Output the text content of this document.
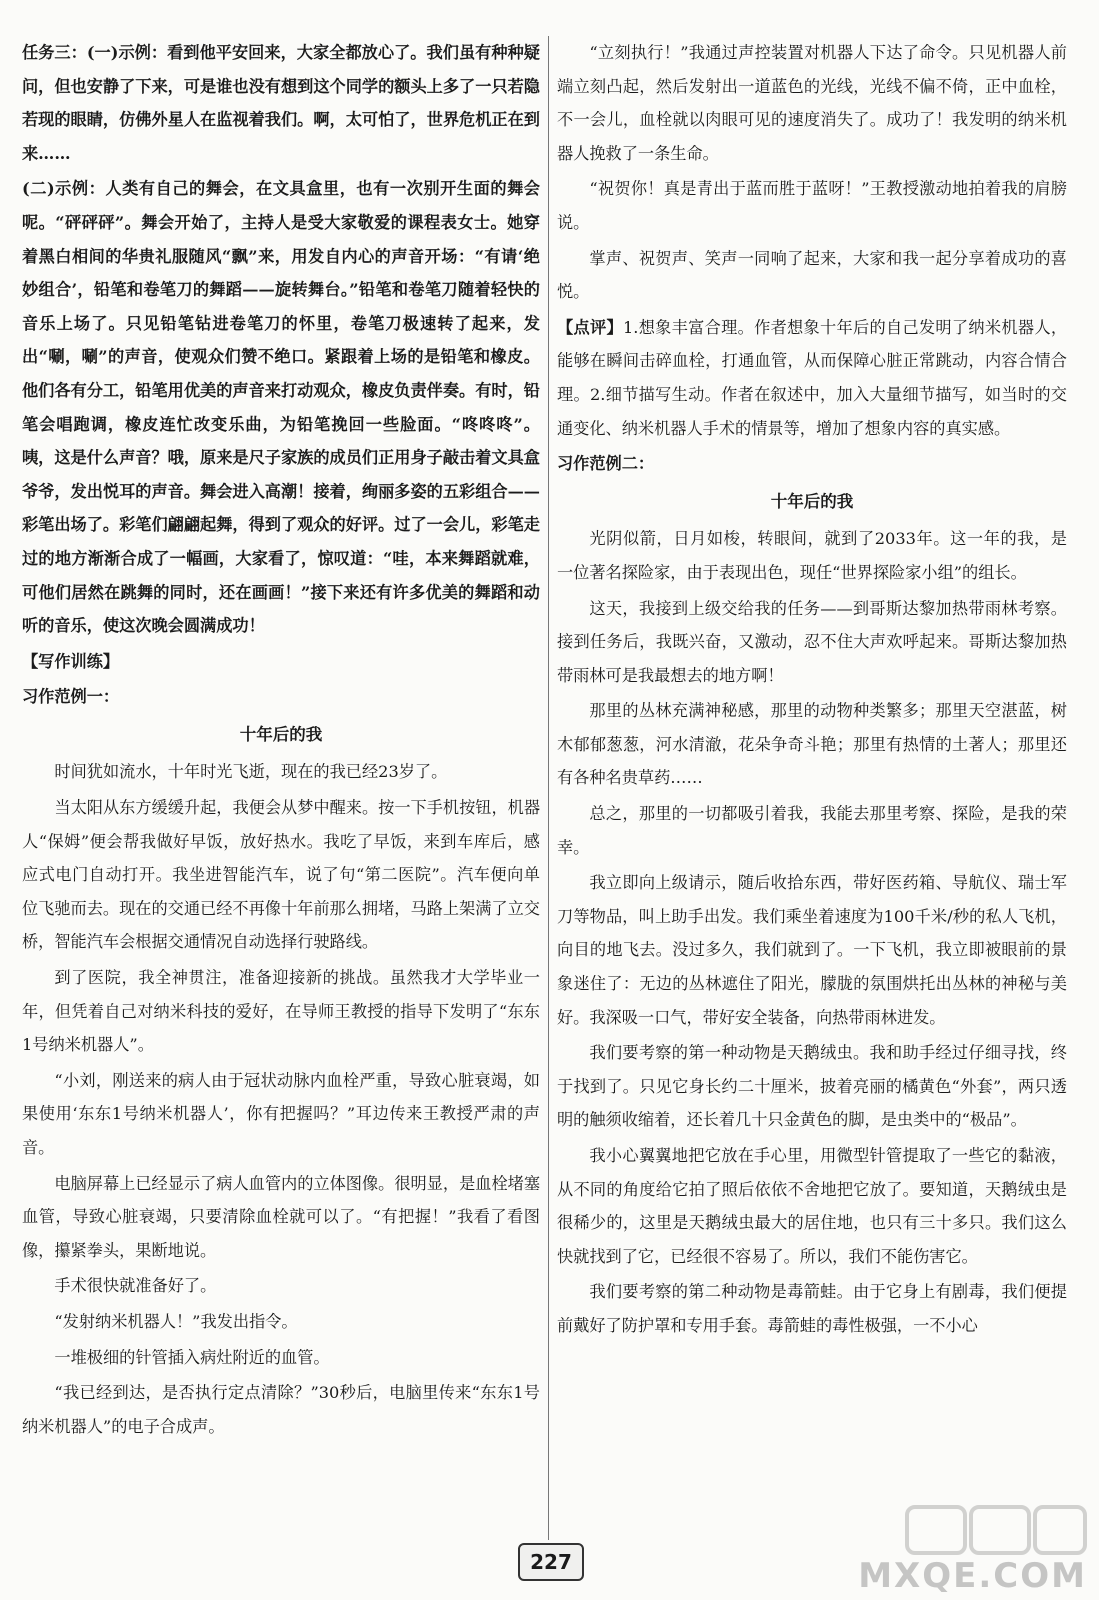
任务三：(一)示例：看到他平安回来，大家全都放心了。我们虽有种种疑问，但也安静了下来，可是谁也没有想到这个同学的额头上多了一只若隐若现的眼睛，仿佛外星人在监视着我们。啊，太可怕了，世界危机正在到来……

(二)示例：人类有自己的舞会，在文具盒里，也有一次别开生面的舞会呢。“砰砰砰”。舞会开始了，主持人是受大家敬爱的课程表女士。她穿着黑白相间的华贵礼服随风“飘”来，用发自内心的声音开场：“有请‘绝妙组合’，铅笔和卷笔刀的舞蹈——旋转舞台。”铅笔和卷笔刀随着轻快的音乐上场了。只见铅笔钻进卷笔刀的怀里，卷笔刀极速转了起来，发出“唰，唰”的声音，使观众们赞不绝口。紧跟着上场的是铅笔和橡皮。他们各有分工，铅笔用优美的声音来打动观众，橡皮负责伴奏。有时，铅笔会唱跑调，橡皮连忙改变乐曲，为铅笔挽回一些脸面。“咚咚咚”。咦，这是什么声音？哦，原来是尺子家族的成员们正用身子敲击着文具盒爷爷，发出悦耳的声音。舞会进入高潮！接着，绚丽多姿的五彩组合——彩笔出场了。彩笔们翩翩起舞，得到了观众的好评。过了一会儿，彩笔走过的地方渐渐合成了一幅画，大家看了，惊叹道：“哇，本来舞蹈就难，可他们居然在跳舞的同时，还在画画！”接下来还有许多优美的舞蹈和动听的音乐，使这次晚会圆满成功！

【写作训练】
习作范例一：
十年后的我

时间犹如流水，十年时光飞逝，现在的我已经23岁了。

当太阳从东方缓缓升起，我便会从梦中醒来。按一下手机按钮，机器人“保姆”便会帮我做好早饭，放好热水。我吃了早饭，来到车库后，感应式电门自动打开。我坐进智能汽车，说了句“第二医院”。汽车便向单位飞驰而去。现在的交通已经不再像十年前那么拥堵，马路上架满了立交桥，智能汽车会根据交通情况自动选择行驶路线。

到了医院，我全神贯注，准备迎接新的挑战。虽然我才大学毕业一年，但凭着自己对纳米科技的爱好，在导师王教授的指导下发明了“东东1号纳米机器人”。

“小刘，刚送来的病人由于冠状动脉内血栓严重，导致心脏衰竭，如果使用‘东东1号纳米机器人’，你有把握吗？”耳边传来王教授严肃的声音。

电脑屏幕上已经显示了病人血管内的立体图像。很明显，是血栓堵塞血管，导致心脏衰竭，只要清除血栓就可以了。“有把握！”我看了看图像，攥紧拳头，果断地说。

手术很快就准备好了。

“发射纳米机器人！”我发出指令。

一堆极细的针管插入病灶附近的血管。

“我已经到达，是否执行定点清除？”30秒后，电脑里传来“东东1号纳米机器人”的电子合成声。

“立刻执行！”我通过声控装置对机器人下达了命令。只见机器人前端立刻凸起，然后发射出一道蓝色的光线，光线不偏不倚，正中血栓，不一会儿，血栓就以肉眼可见的速度消失了。成功了！我发明的纳米机器人挽救了一条生命。

“祝贺你！真是青出于蓝而胜于蓝呀！”王教授激动地拍着我的肩膀说。

掌声、祝贺声、笑声一同响了起来，大家和我一起分享着成功的喜悦。

【点评】1.想象丰富合理。作者想象十年后的自己发明了纳米机器人，能够在瞬间击碎血栓，打通血管，从而保障心脏正常跳动，内容合情合理。2.细节描写生动。作者在叙述中，加入大量细节描写，如当时的交通变化、纳米机器人手术的情景等，增加了想象内容的真实感。

习作范例二：
十年后的我

光阴似箭，日月如梭，转眼间，就到了2033年。这一年的我，是一位著名探险家，由于表现出色，现任“世界探险家小组”的组长。

这天，我接到上级交给我的任务——到哥斯达黎加热带雨林考察。接到任务后，我既兴奋，又激动，忍不住大声欢呼起来。哥斯达黎加热带雨林可是我最想去的地方啊！

那里的丛林充满神秘感，那里的动物种类繁多；那里天空湛蓝，树木郁郁葱葱，河水清澈，花朵争奇斗艳；那里有热情的土著人；那里还有各种名贵草药……

总之，那里的一切都吸引着我，我能去那里考察、探险，是我的荣幸。

我立即向上级请示，随后收拾东西，带好医药箱、导航仪、瑞士军刀等物品，叫上助手出发。我们乘坐着速度为100千米/秒的私人飞机，向目的地飞去。没过多久，我们就到了。一下飞机，我立即被眼前的景象迷住了：无边的丛林遮住了阳光，朦胧的氛围烘托出丛林的神秘与美好。我深吸一口气，带好安全装备，向热带雨林进发。

我们要考察的第一种动物是天鹅绒虫。我和助手经过仔细寻找，终于找到了。只见它身长约二十厘米，披着亮丽的橘黄色“外套”，两只透明的触须收缩着，还长着几十只金黄色的脚，是虫类中的“极品”。

我小心翼翼地把它放在手心里，用微型针管提取了一些它的黏液，从不同的角度给它拍了照后依依不舍地把它放了。要知道，天鹅绒虫是很稀少的，这里是天鹅绒虫最大的居住地，也只有三十多只。我们这么快就找到了它，已经很不容易了。所以，我们不能伤害它。

我们要考察的第二种动物是毒箭蛙。由于它身上有剧毒，我们便提前戴好了防护罩和专用手套。毒箭蛙的毒性极强，一不小心

227	MXQE.COM
